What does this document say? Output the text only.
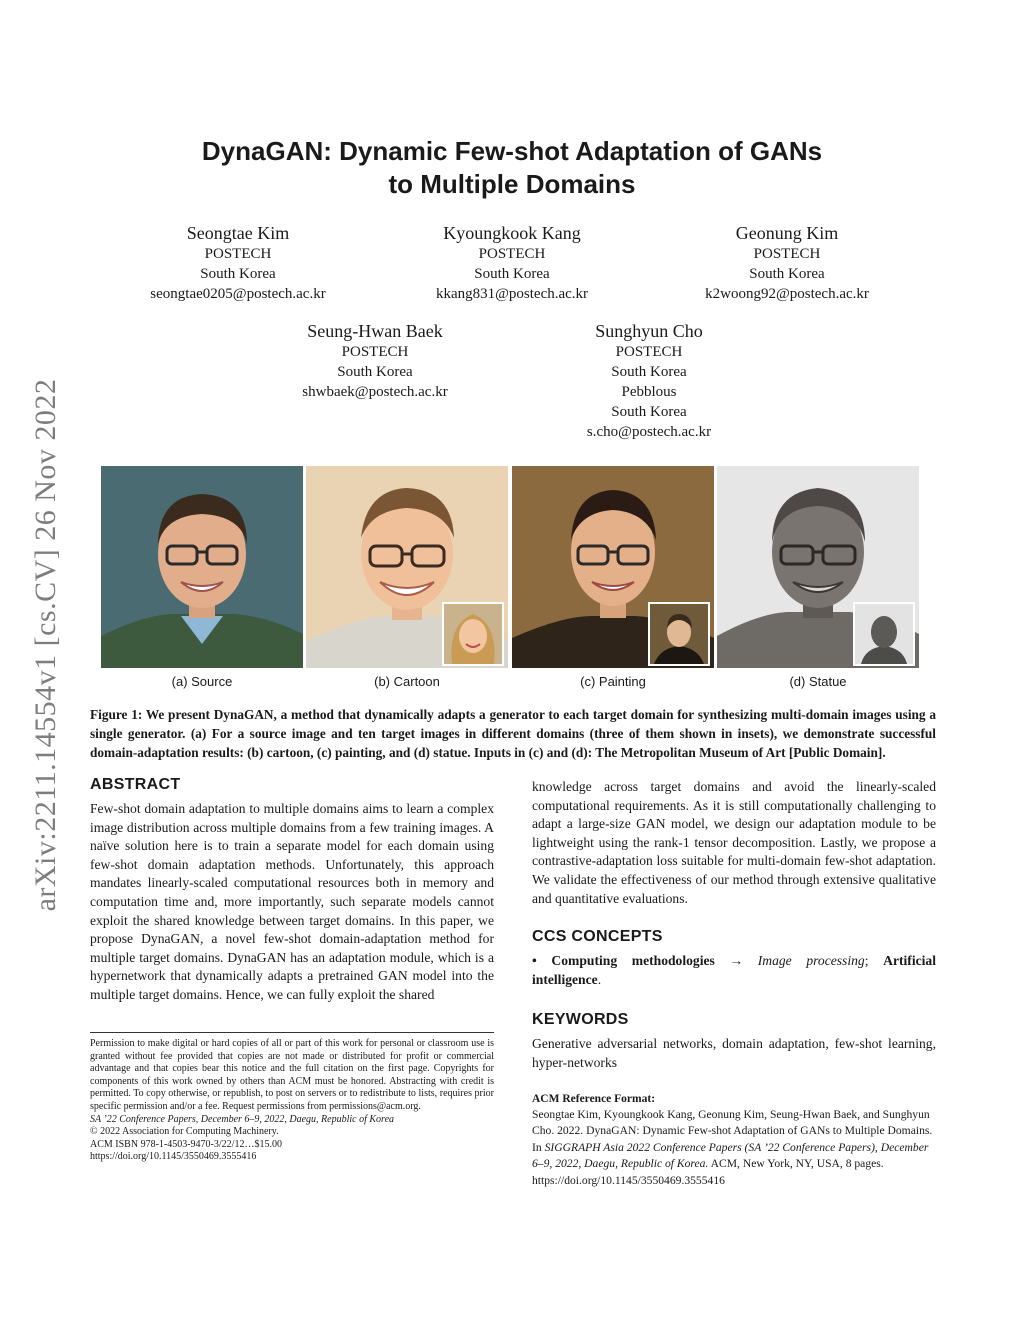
arXiv:2211.14554v1 [cs.CV] 26 Nov 2022
DynaGAN: Dynamic Few-shot Adaptation of GANs
to Multiple Domains
Seongtae Kim
POSTECH
South Korea
seongtae0205@postech.ac.kr
Kyoungkook Kang
POSTECH
South Korea
kkang831@postech.ac.kr
Geonung Kim
POSTECH
South Korea
k2woong92@postech.ac.kr
Seung-Hwan Baek
POSTECH
South Korea
shwbaek@postech.ac.kr
Sunghyun Cho
POSTECH
South Korea
Pebblous
South Korea
s.cho@postech.ac.kr
(a) Source	(b) Cartoon	(c) Painting	(d) Statue

Figure 1: We present DynaGAN, a method that dynamically adapts a generator to each target domain for synthesizing multi-domain images using a single generator. (a) For a source image and ten target images in different domains (three of them shown in insets), we demonstrate successful domain-adaptation results: (b) cartoon, (c) painting, and (d) statue. Inputs in (c) and (d): The Metropolitan Museum of Art [Public Domain].

ABSTRACT

Few-shot domain adaptation to multiple domains aims to learn a complex image distribution across multiple domains from a few training images. A naïve solution here is to train a separate model for each domain using few-shot domain adaptation methods. Unfortunately, this approach mandates linearly-scaled computational resources both in memory and computation time and, more importantly, such separate models cannot exploit the shared knowledge between target domains. In this paper, we propose DynaGAN, a novel few-shot domain-adaptation method for multiple target domains. DynaGAN has an adaptation module, which is a hypernetwork that dynamically adapts a pretrained GAN model into the multiple target domains. Hence, we can fully exploit the shared

Permission to make digital or hard copies of all or part of this work for personal or classroom use is granted without fee provided that copies are not made or distributed for profit or commercial advantage and that copies bear this notice and the full citation on the first page. Copyrights for components of this work owned by others than ACM must be honored. Abstracting with credit is permitted. To copy otherwise, or republish, to post on servers or to redistribute to lists, requires prior specific permission and/or a fee. Request permissions from permissions@acm.org.

SA ’22 Conference Papers, December 6–9, 2022, Daegu, Republic of Korea

© 2022 Association for Computing Machinery.

ACM ISBN 978-1-4503-9470-3/22/12…$15.00

https://doi.org/10.1145/3550469.3555416

knowledge across target domains and avoid the linearly-scaled computational requirements. As it is still computationally challenging to adapt a large-size GAN model, we design our adaptation module to be lightweight using the rank-1 tensor decomposition. Lastly, we propose a contrastive-adaptation loss suitable for multi-domain few-shot adaptation. We validate the effectiveness of our method through extensive qualitative and quantitative evaluations.

CCS CONCEPTS

• Computing methodologies → Image processing; Artificial intelligence.

KEYWORDS

Generative adversarial networks, domain adaptation, few-shot learning, hyper-networks

ACM Reference Format:

Seongtae Kim, Kyoungkook Kang, Geonung Kim, Seung-Hwan Baek, and Sunghyun Cho. 2022. DynaGAN: Dynamic Few-shot Adaptation of GANs to Multiple Domains. In SIGGRAPH Asia 2022 Conference Papers (SA ’22 Conference Papers), December 6–9, 2022, Daegu, Republic of Korea. ACM, New York, NY, USA, 8 pages. https://doi.org/10.1145/3550469.3555416
